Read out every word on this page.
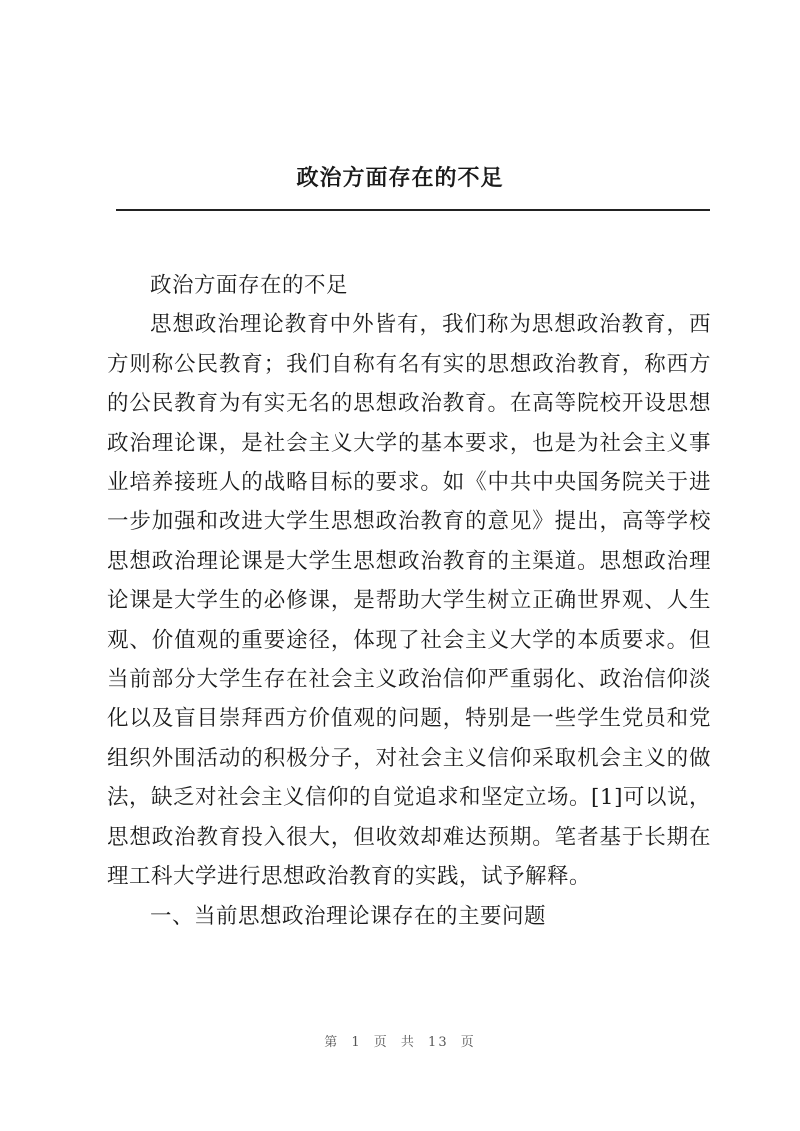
政治方面存在的不足

政治方面存在的不足

思想政治理论教育中外皆有，我们称为思想政治教育，西方则称公民教育；我们自称有名有实的思想政治教育，称西方的公民教育为有实无名的思想政治教育。在高等院校开设思想政治理论课，是社会主义大学的基本要求，也是为社会主义事业培养接班人的战略目标的要求。如《中共中央国务院关于进一步加强和改进大学生思想政治教育的意见》提出，高等学校思想政治理论课是大学生思想政治教育的主渠道。思想政治理论课是大学生的必修课，是帮助大学生树立正确世界观、人生观、价值观的重要途径，体现了社会主义大学的本质要求。但当前部分大学生存在社会主义政治信仰严重弱化、政治信仰淡化以及盲目崇拜西方价值观的问题，特别是一些学生党员和党组织外围活动的积极分子，对社会主义信仰采取机会主义的做法，缺乏对社会主义信仰的自觉追求和坚定立场。[1]可以说，思想政治教育投入很大，但收效却难达预期。笔者基于长期在理工科大学进行思想政治教育的实践，试予解释。

一、当前思想政治理论课存在的主要问题

第 1 页 共 13 页
